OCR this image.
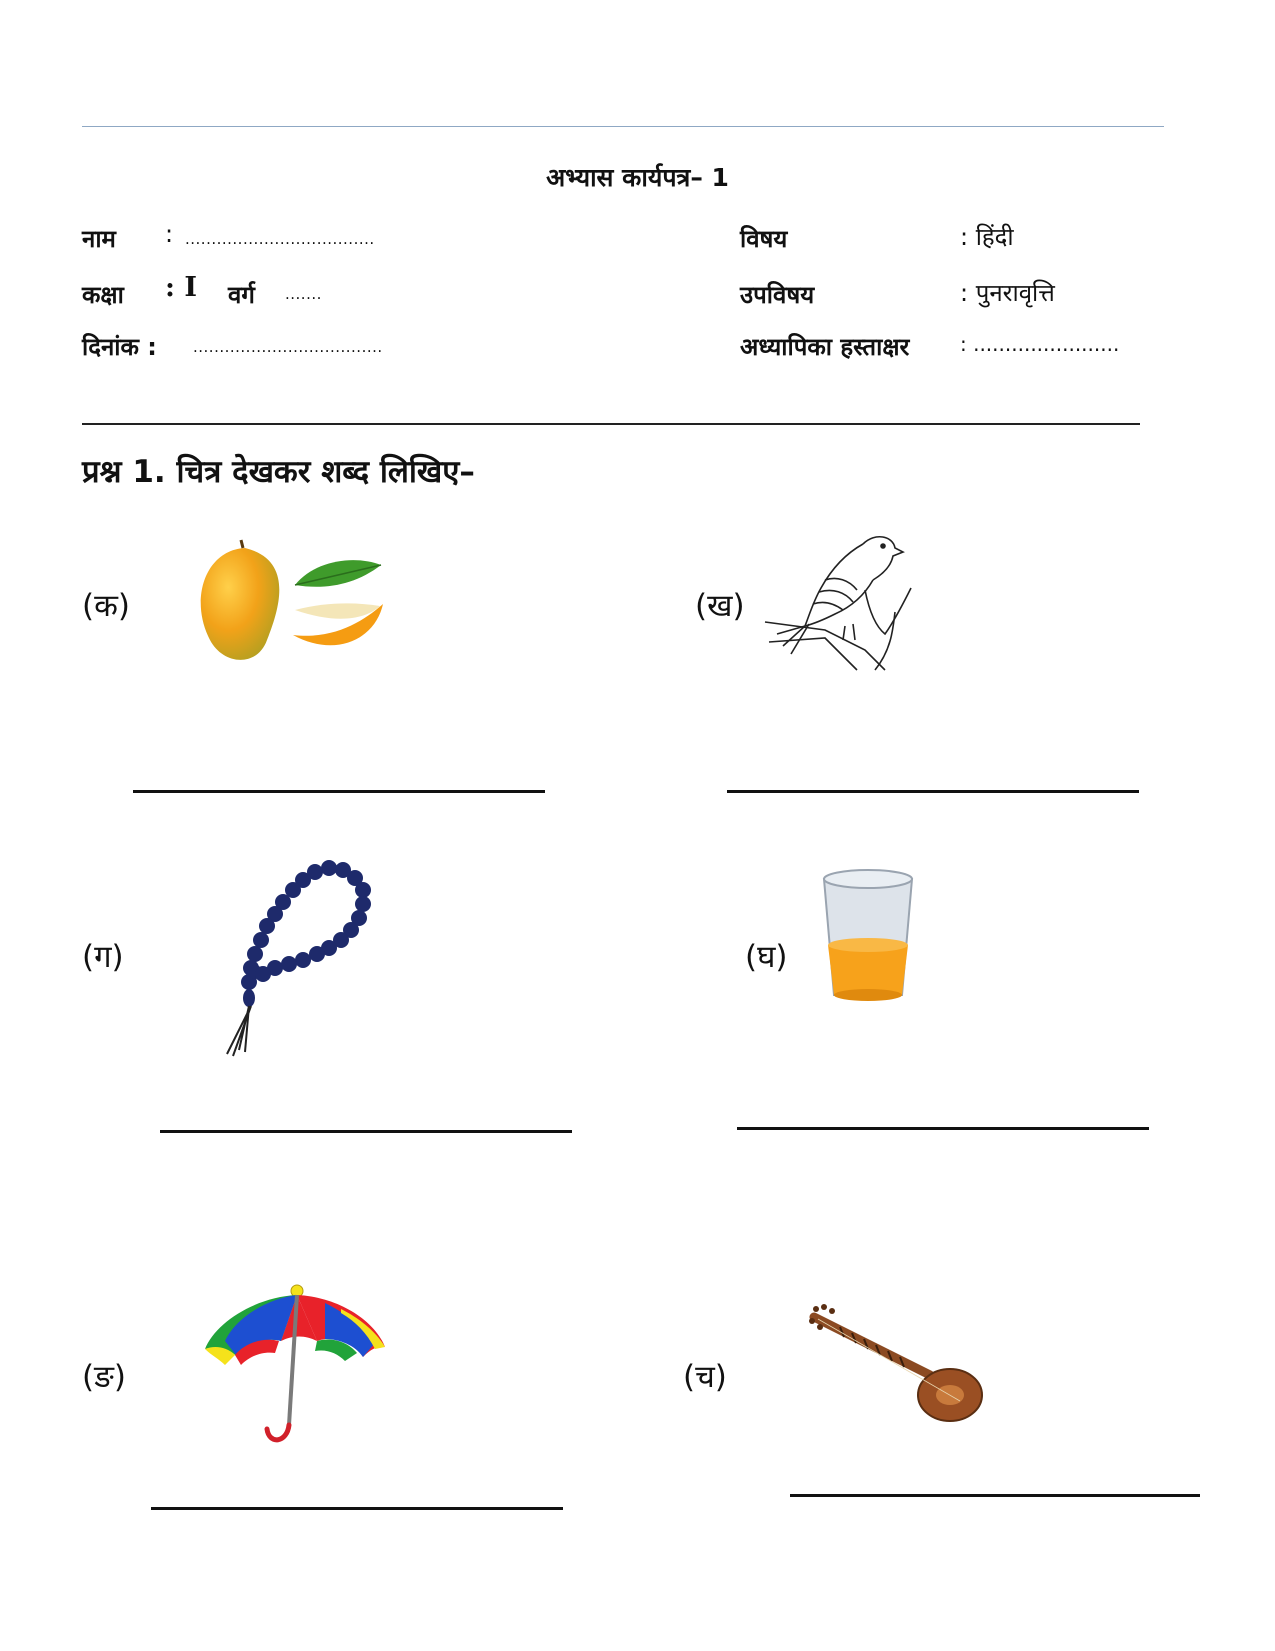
अभ्यास कार्यपत्र– 1
नाम : ....................................
कक्षा : I वर्ग .......
दिनांक : ....................................
विषय	: हिंदी
उपविषय	: पुनरावृत्ति
अध्यापिका हस्ताक्षर	: .......................
प्रश्न 1. चित्र देखकर शब्द लिखिए–
(क)	(ख)
(ग)	(घ)
(ङ)	(च)
